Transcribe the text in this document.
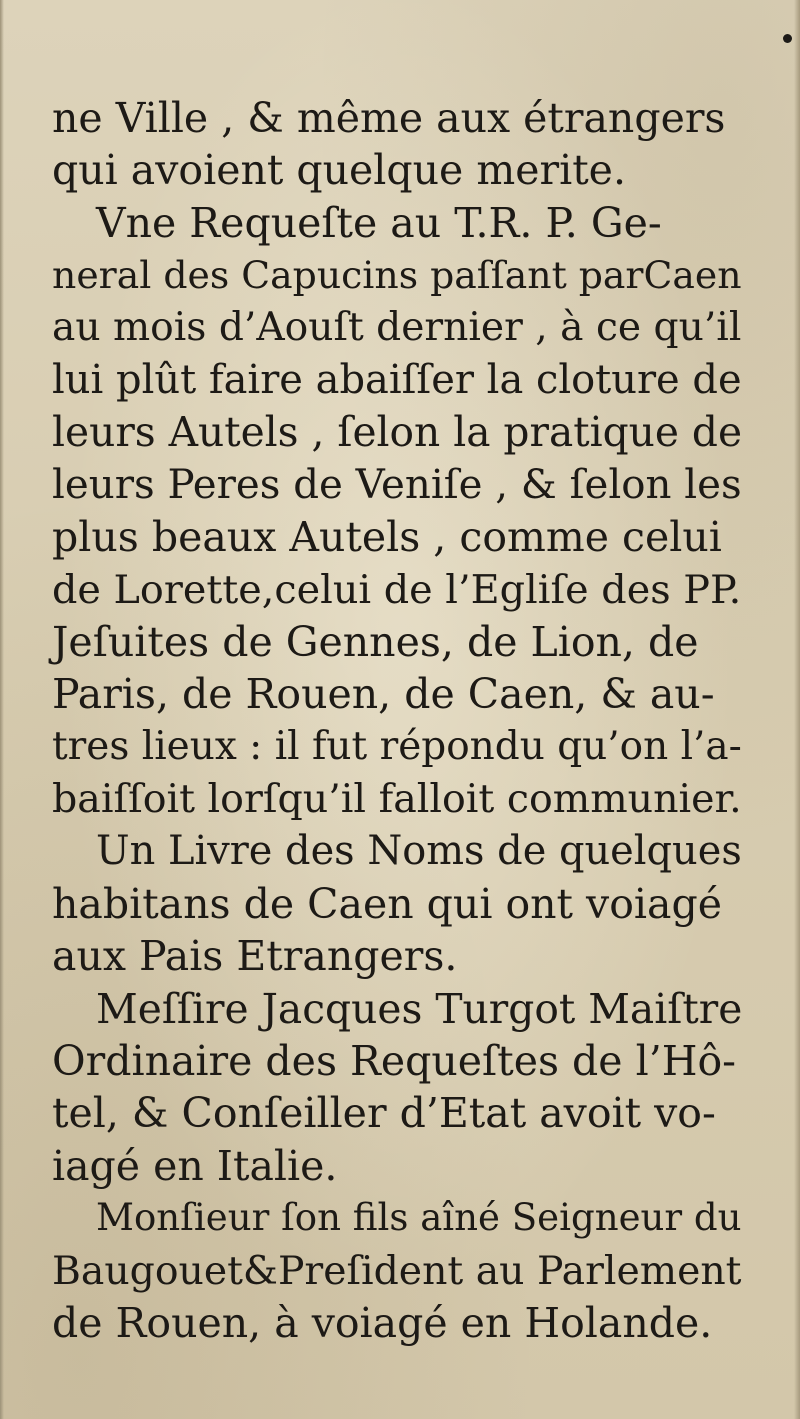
ne Ville , & même aux étrangers
qui avoient quelque merite.
Vne Requeſte au T.R. P. Ge-
neral des Capucins paſſant parCaen
au mois d’Aouſt dernier , à ce qu’il
lui plût faire abaiſſer la cloture de
leurs Autels , ſelon la pratique de
leurs Peres de Veniſe , & ſelon les
plus beaux Autels , comme celui
de Lorette,celui de l’Egliſe des PP.
Jeſuites de Gennes, de Lion, de
Paris, de Rouen, de Caen, & au-
tres lieux : il fut répondu qu’on l’a-
baiſſoit lorſqu’il falloit communier.
Un Livre des Noms de quelques
habitans de Caen qui ont voiagé
aux Pais Etrangers.
Meſſire Jacques Turgot Maiſtre
Ordinaire des Requeſtes de l’Hô-
tel, & Conſeiller d’Etat avoit vo-
iagé en Italie.
Monſieur ſon fils aîné Seigneur du
Baugouet&Preſident au Parlement
de Rouen, à voiagé en Holande.
